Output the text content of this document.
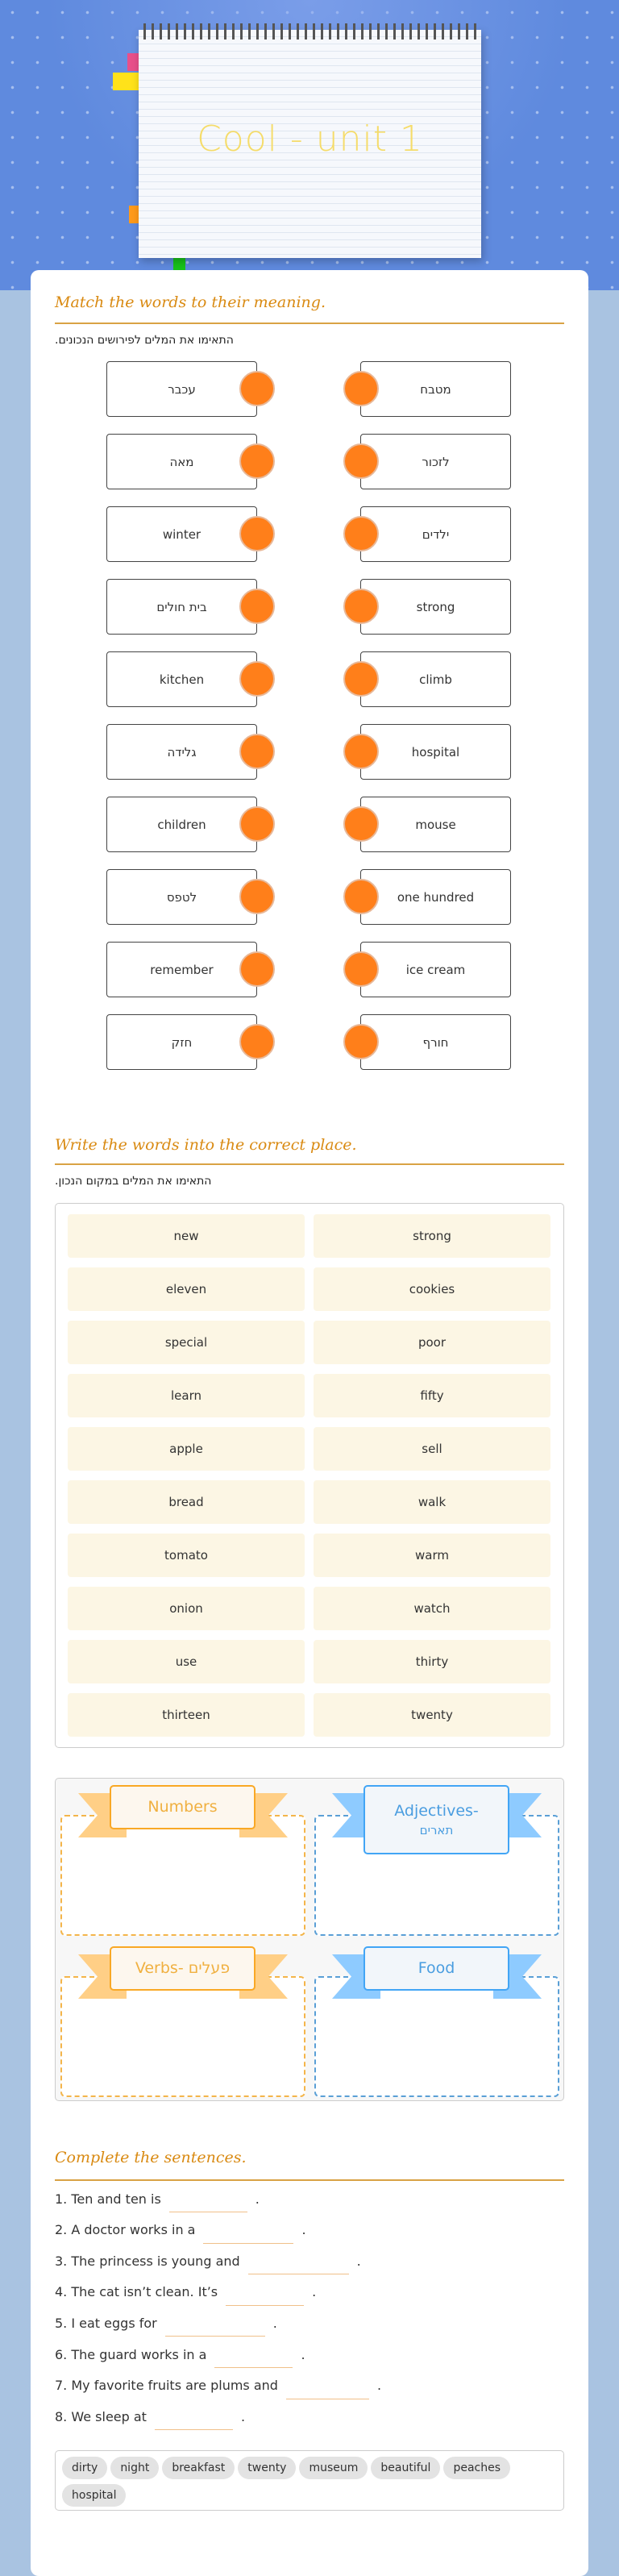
Cool - unit 1
Match the words to their meaning.
התאימו את המלים לפירושים הנכונים.
עכבר	מטבח
מאה	לזכור
winter	ילדים
בית חולים	strong
kitchen	climb
גלידה	hospital
children	mouse
לטפס	one hundred
remember	ice cream
חזק	חורף
Write the words into the correct place.
התאימו את המלים במקום הנכון.
new	strong
eleven	cookies
special	poor
learn	fifty
apple	sell
bread	walk
tomato	warm
onion	watch
use	thirty
thirteen	twenty
Numbers	Adjectives-
תארים
Verbs- פעלים	Food
Complete the sentences.
1. Ten and ten is	.
2. A doctor works in a	.
3. The princess is young and	.
4. The cat isn’t clean. It’s	.
5. I eat eggs for	.
6. The guard works in a	.
7. My favorite fruits are plums and	.
8. We sleep at	.
dirty night breakfast twenty museum beautiful peacheshospital
